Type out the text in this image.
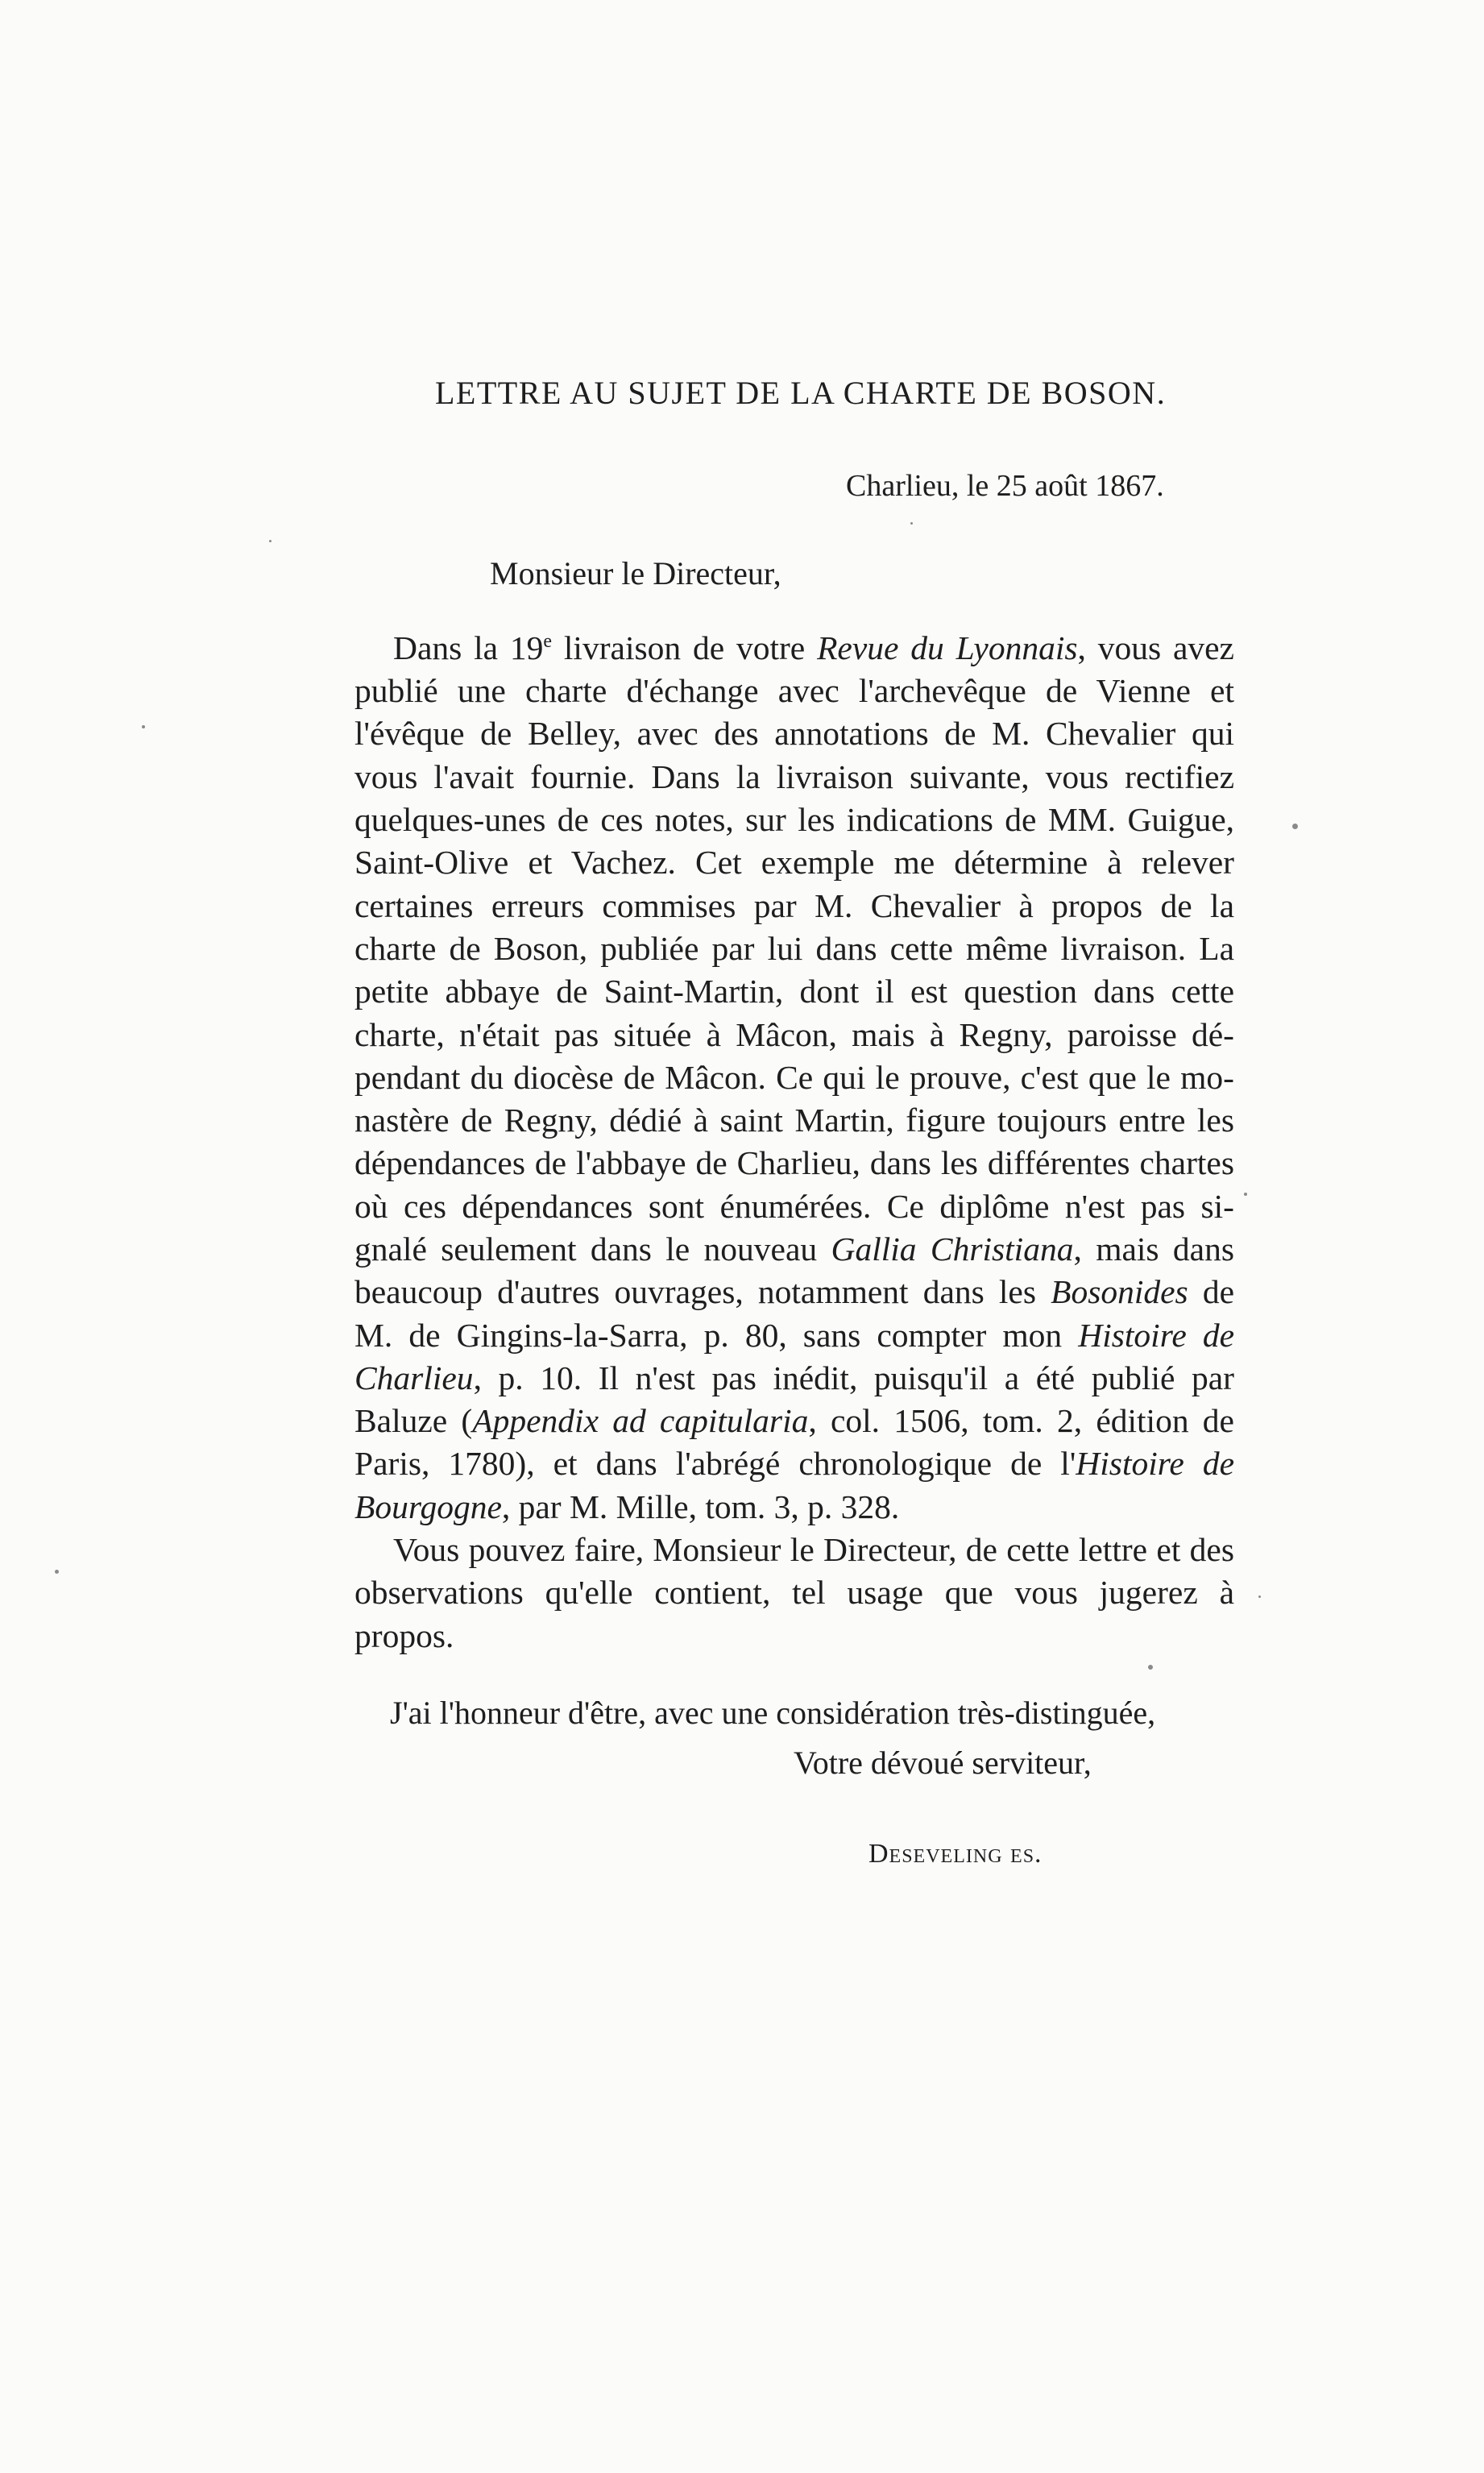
LETTRE AU SUJET DE LA CHARTE DE BOSON.

Charlieu, le 25 août 1867.

Monsieur le Directeur,

Dans la 19e livraison de votre Revue du Lyonnais, vous avez publié une charte d'échange avec l'archevêque de Vienne et l'évêque de Belley, avec des annotations de M. Chevalier qui vous l'avait fournie. Dans la livraison suivante, vous rectifiez quelques-unes de ces notes, sur les indications de MM. Guigue, Saint-Olive et Vachez. Cet exemple me détermine à relever certaines erreurs commises par M. Chevalier à propos de la charte de Boson, publiée par lui dans cette même livraison. La petite abbaye de Saint-Martin, dont il est question dans cette charte, n'était pas située à Mâcon, mais à Regny, paroisse dé-pendant du diocèse de Mâcon. Ce qui le prouve, c'est que le mo-nastère de Regny, dédié à saint Martin, figure toujours entre les dépendances de l'abbaye de Charlieu, dans les différentes chartes où ces dépendances sont énumérées. Ce diplôme n'est pas si-gnalé seulement dans le nouveau Gallia Christiana, mais dans beaucoup d'autres ouvrages, notamment dans les Bosonides de M. de Gingins-la-Sarra, p. 80, sans compter mon Histoire de Charlieu, p. 10. Il n'est pas inédit, puisqu'il a été publié par Baluze (Appendix ad capitularia, col. 1506, tom. 2, édition de Paris, 1780), et dans l'abrégé chronologique de l'Histoire de Bourgogne, par M. Mille, tom. 3, p. 328.

Vous pouvez faire, Monsieur le Directeur, de cette lettre et des observations qu'elle contient, tel usage que vous jugerez à propos.

J'ai l'honneur d'être, avec une considération très-distinguée,

Votre dévoué serviteur,

Deseveling es.
